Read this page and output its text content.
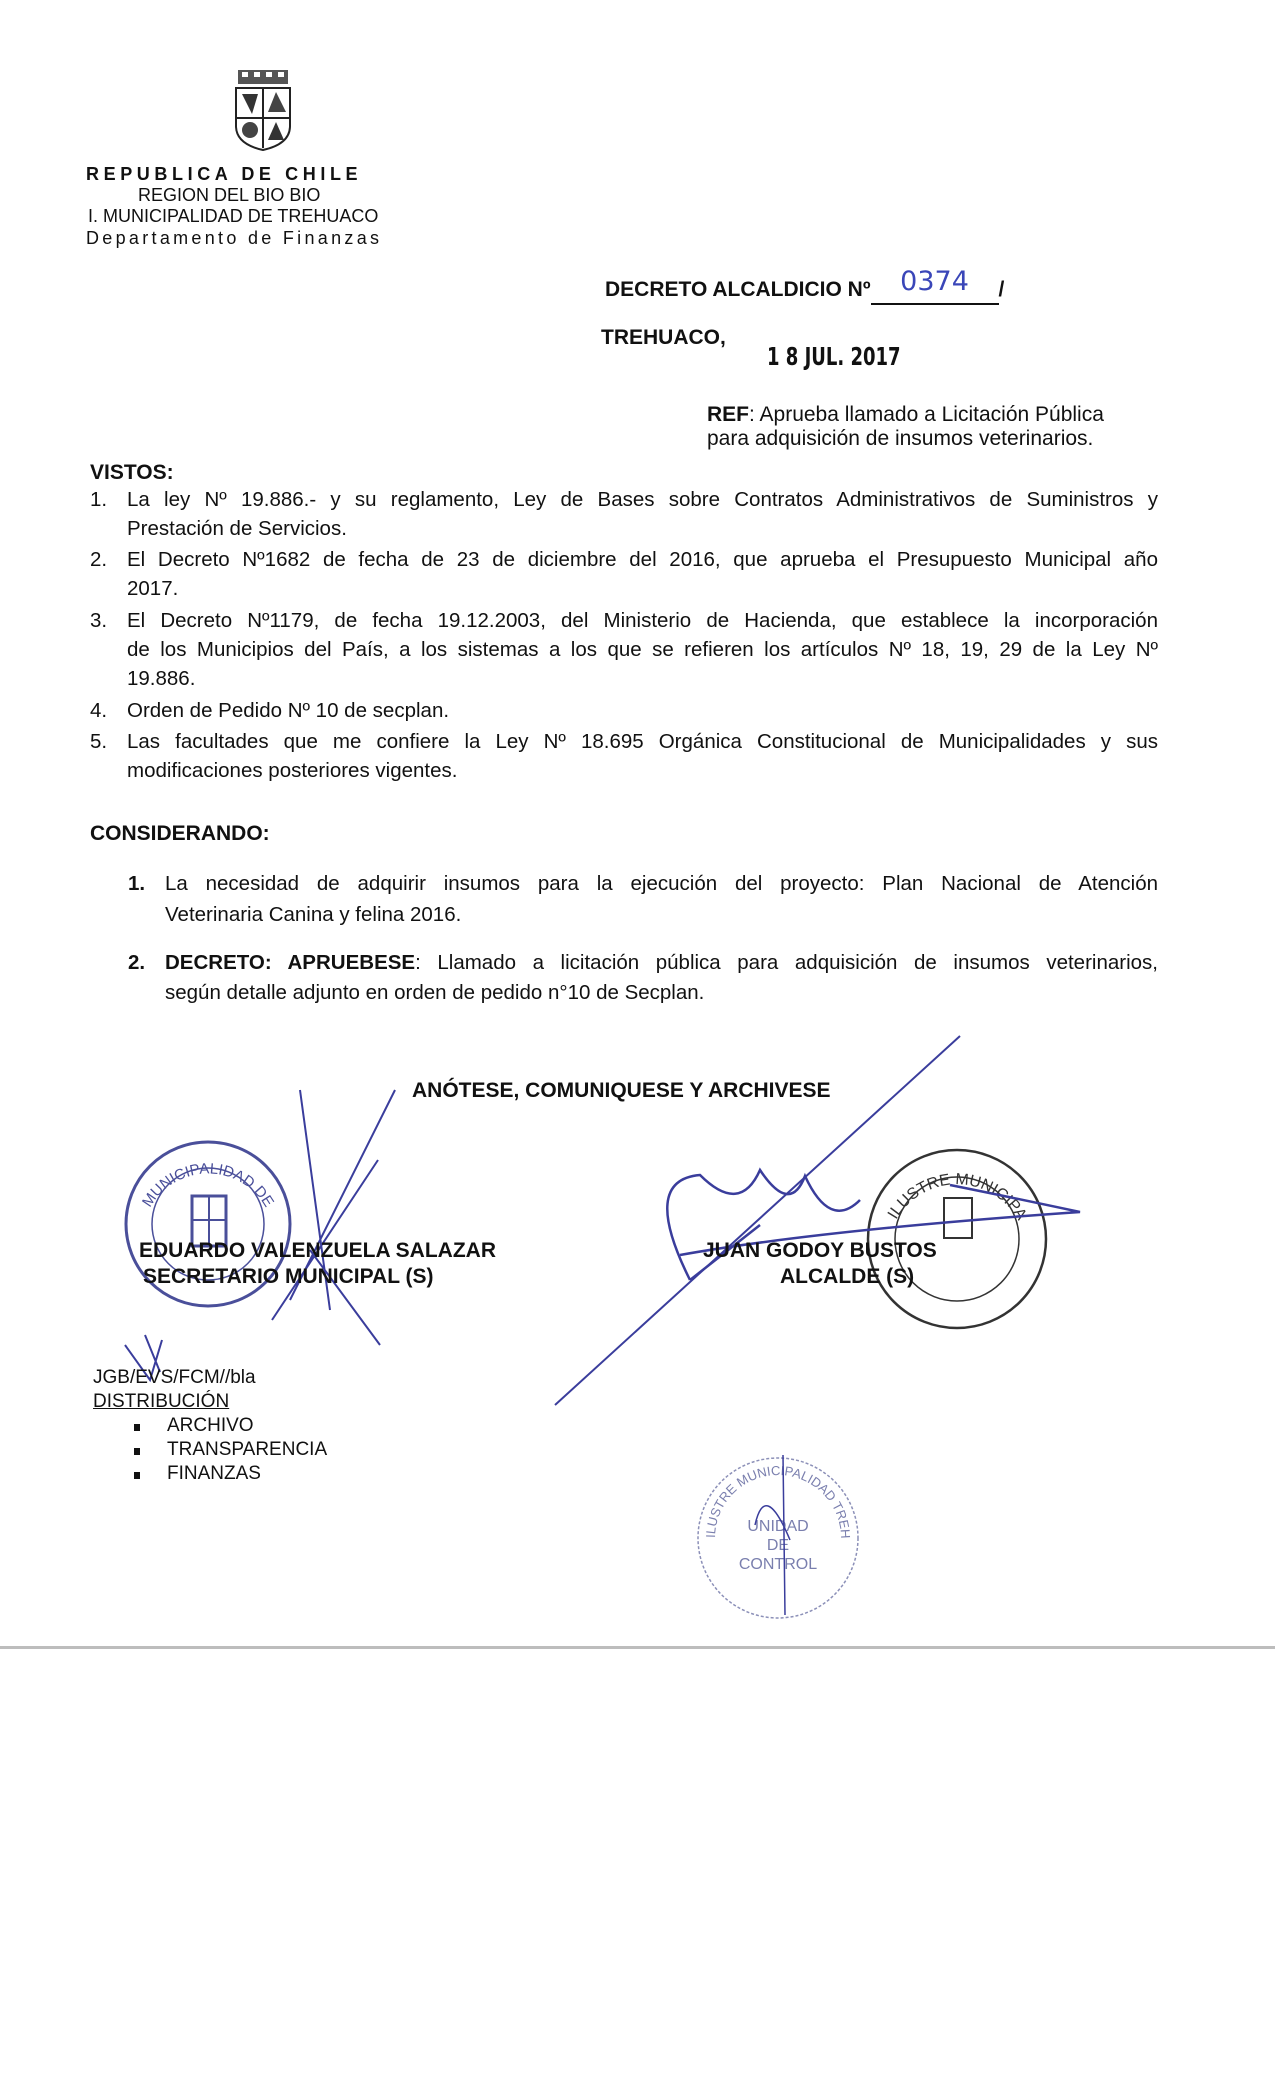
REPUBLICA DE CHILE
REGION DEL BIO BIO
I. MUNICIPALIDAD DE TREHUACO
Departamento de Finanzas
DECRETO ALCALDICIO Nº 0374 /
TREHUACO,
1 8 JUL. 2017
REF: Aprueba llamado a Licitación Pública
para adquisición de insumos veterinarios.
VISTOS:
1. La ley Nº 19.886.- y su reglamento, Ley de Bases sobre Contratos Administrativos de Suministros y
Prestación de Servicios.
2. El Decreto Nº1682 de fecha de 23 de diciembre del 2016, que aprueba el Presupuesto Municipal año
2017.
3. El Decreto Nº1179, de fecha 19.12.2003, del Ministerio de Hacienda, que establece la incorporación
de los Municipios del País, a los sistemas a los que se refieren los artículos Nº 18, 19, 29 de la Ley Nº
19.886.
4. Orden de Pedido Nº 10 de secplan.
5. Las facultades que me confiere la Ley Nº 18.695 Orgánica Constitucional de Municipalidades y sus
modificaciones posteriores vigentes.
CONSIDERANDO:
1. La necesidad de adquirir insumos para la ejecución del proyecto: Plan Nacional de Atención
Veterinaria Canina y felina 2016.
2. DECRETO: APRUEBESE: Llamado a licitación pública para adquisición de insumos veterinarios,
según detalle adjunto en orden de pedido n°10 de Secplan.
ANÓTESE, COMUNIQUESE Y ARCHIVESE
MUNICIPALIDAD DE TREHUACO
ILUSTRE MUNICIPALIDAD TREHUACO
EDUARDO VALENZUELA SALAZAR
SECRETARIO MUNICIPAL (S)
JUAN GODOY BUSTOS
ALCALDE (S)
JGB/EVS/FCM//bla
DISTRIBUCIÓN
ARCHIVO
TRANSPARENCIA
FINANZAS
ILUSTRE MUNICIPALIDAD TREHUACO
UNIDAD
DE
CONTROL
